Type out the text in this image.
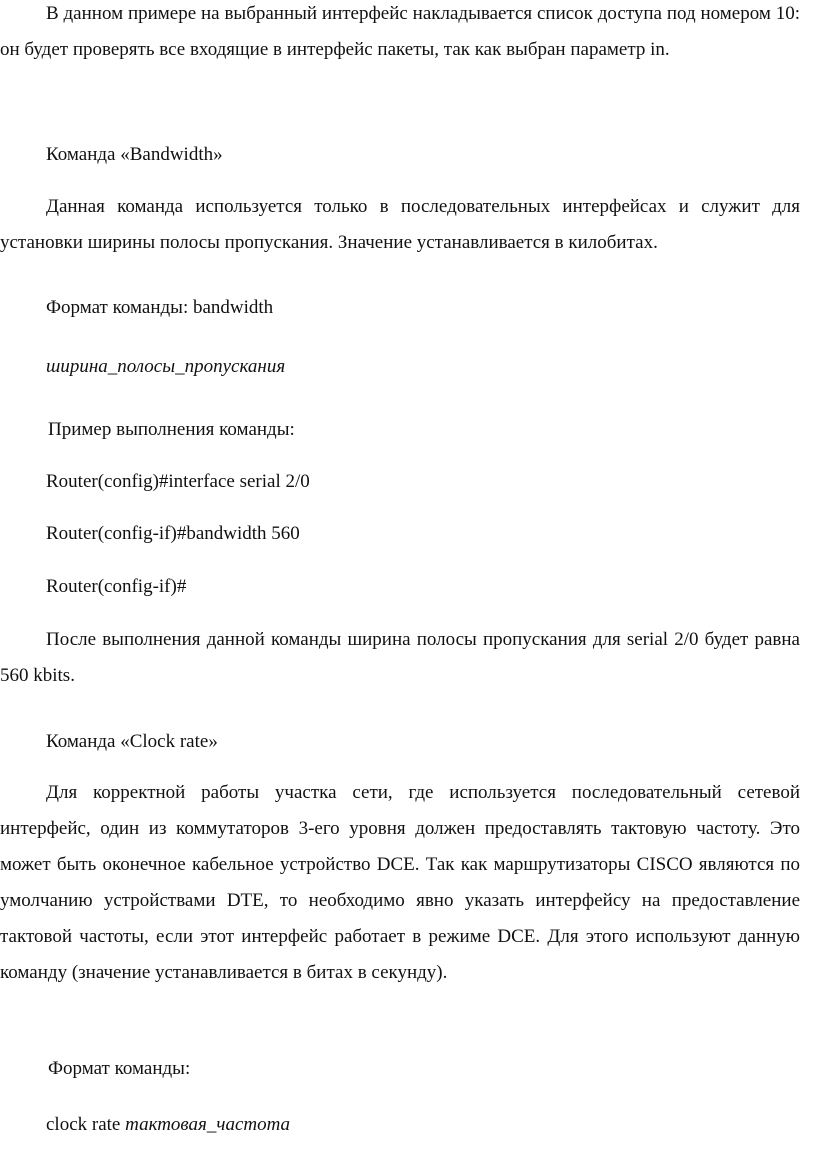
В данном примере на выбранный интерфейс накладывается список доступа под номером 10: он будет проверять все входящие в интерфейс пакеты, так как выбран параметр in.

Команда «Bandwidth»

Данная команда используется только в последовательных интерфейсах и служит для установки ширины полосы пропускания. Значение устанавливается в килобитах.

Формат команды: bandwidth

ширина_полосы_пропускания

Пример выполнения команды:

Router(config)#interface serial 2/0

Router(config-if)#bandwidth 560

Router(config-if)#

После выполнения данной команды ширина полосы пропускания для serial 2/0 будет равна 560 kbits.

Команда «Clock rate»

Для корректной работы участка сети, где используется последовательный сетевой интерфейс, один из коммутаторов 3-его уровня должен предоставлять тактовую частоту. Это может быть оконечное кабельное устройство DCE. Так как маршрутизаторы CISCO являются по умолчанию устройствами DTE, то необходимо явно указать интерфейсу на предоставление тактовой частоты, если этот интерфейс работает в режиме DCE. Для этого используют данную команду (значение устанавливается в битах в секунду).

Формат команды:

clock rate тактовая_частота
